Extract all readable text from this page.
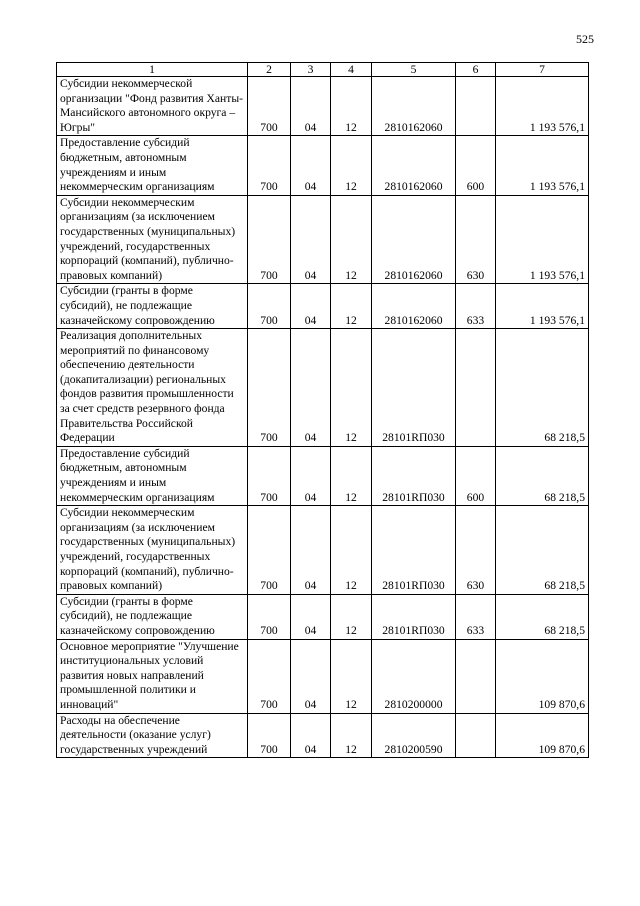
525
1	2	3	4	5	6	7
Субсидии некоммерческой организации "Фонд развития Ханты-Мансийского автономного округа – Югры"	700	04	12	2810162060		1 193 576,1
Предоставление субсидий бюджетным, автономным учреждениям и иным некоммерческим организациям	700	04	12	2810162060	600	1 193 576,1
Субсидии некоммерческим организациям (за исключением государственных (муниципальных) учреждений, государственных корпораций (компаний), публично-правовых компаний)	700	04	12	2810162060	630	1 193 576,1
Субсидии (гранты в форме субсидий), не подлежащие казначейскому сопровождению	700	04	12	2810162060	633	1 193 576,1
Реализация дополнительных мероприятий по финансовому обеспечению деятельности (докапитализации) региональных фондов развития промышленности за счет средств резервного фонда Правительства Российской Федерации	700	04	12	28101RП030		68 218,5
Предоставление субсидий бюджетным, автономным учреждениям и иным некоммерческим организациям	700	04	12	28101RП030	600	68 218,5
Субсидии некоммерческим организациям (за исключением государственных (муниципальных) учреждений, государственных корпораций (компаний), публично-правовых компаний)	700	04	12	28101RП030	630	68 218,5
Субсидии (гранты в форме субсидий), не подлежащие казначейскому сопровождению	700	04	12	28101RП030	633	68 218,5
Основное мероприятие "Улучшение институциональных условий развития новых направлений промышленной политики и инноваций"	700	04	12	2810200000		109 870,6
Расходы на обеспечение деятельности (оказание услуг) государственных учреждений	700	04	12	2810200590		109 870,6
